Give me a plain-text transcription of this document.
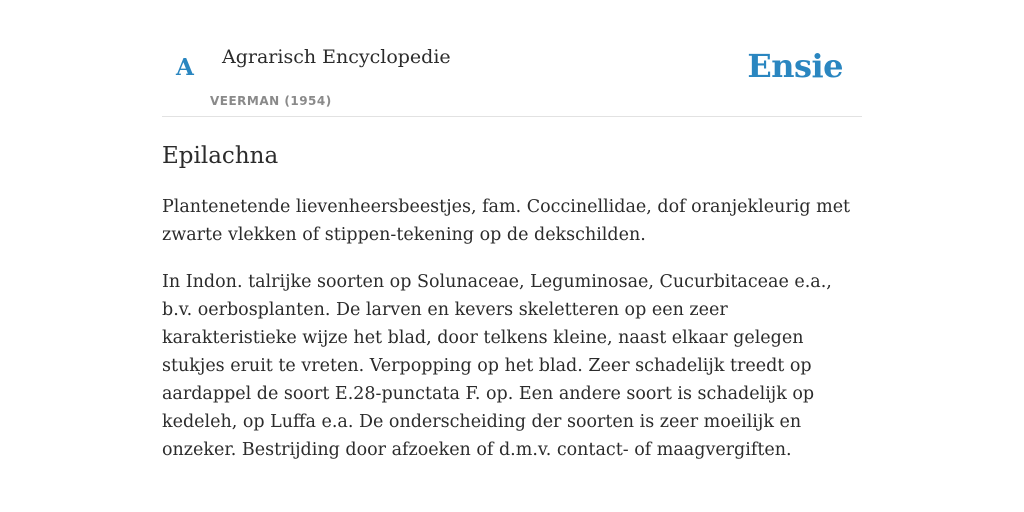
A Agrarisch Encyclopedie
VEERMAN (1954)
Ensie
Epilachna

Plantenetende lievenheersbeestjes, fam. Coccinellidae, dof oranjekleurig met zwarte vlekken of stippen-tekening op de dekschilden.

In Indon. talrijke soorten op Solunaceae, Leguminosae, Cucurbitaceae e.a., b.v. oerbosplanten. De larven en kevers skeletteren op een zeer karakteristieke wijze het blad, door telkens kleine, naast elkaar gelegen stukjes eruit te vreten. Verpopping op het blad. Zeer schadelijk treedt op aardappel de soort E.28-punctata F. op. Een andere soort is schadelijk op kedeleh, op Luffa e.a. De onderscheiding der soorten is zeer moeilijk en onzeker. Bestrijding door afzoeken of d.m.v. contact- of maagvergiften.
